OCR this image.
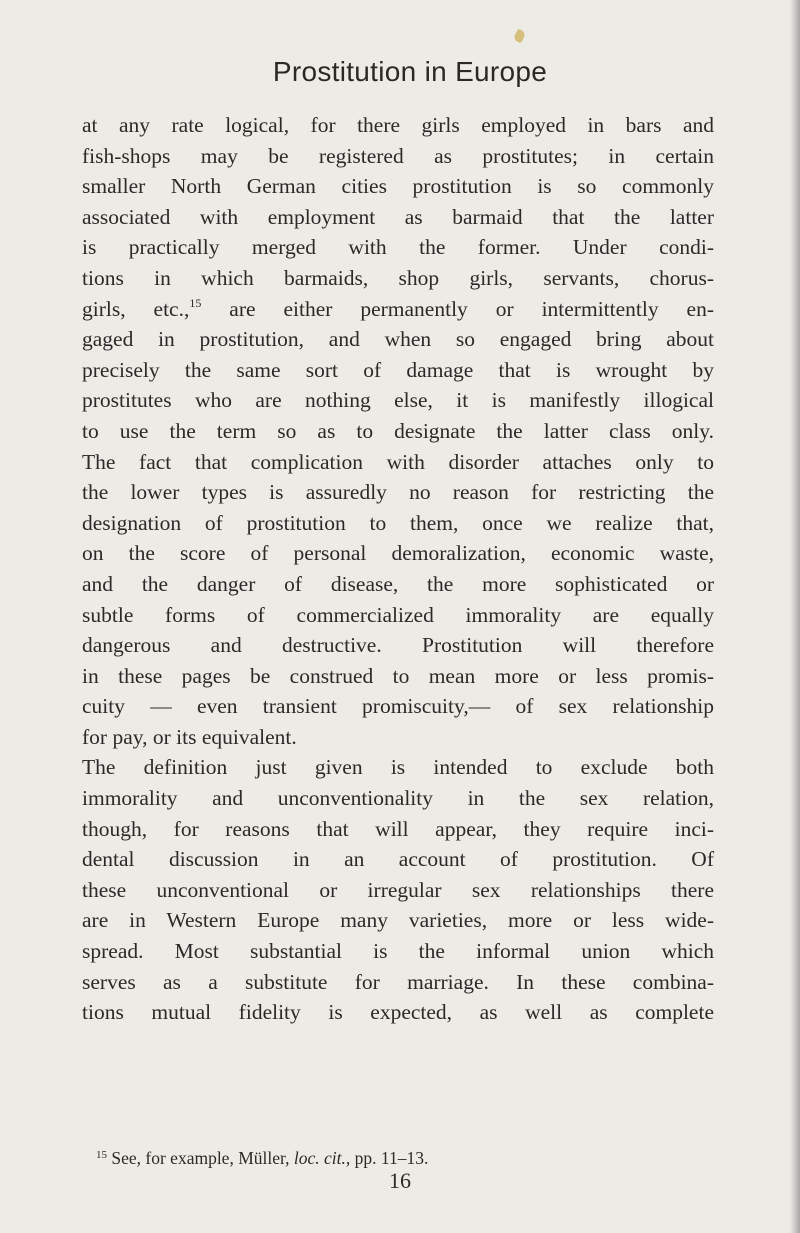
Prostitution in Europe
at any rate logical, for there girls employed in bars and
fish-shops may be registered as prostitutes; in certain
smaller North German cities prostitution is so commonly
associated with employment as barmaid that the latter
is practically merged with the former. Under condi-
tions in which barmaids, shop girls, servants, chorus-
girls, etc.,$^{15}$ are either permanently or intermittently en-
gaged in prostitution, and when so engaged bring about
precisely the same sort of damage that is wrought by
prostitutes who are nothing else, it is manifestly illogical
to use the term so as to designate the latter class only.
The fact that complication with disorder attaches only to
the lower types is assuredly no reason for restricting the
designation of prostitution to them, once we realize that,
on the score of personal demoralization, economic waste,
and the danger of disease, the more sophisticated or
subtle forms of commercialized immorality are equally
dangerous and destructive. Prostitution will therefore
in these pages be construed to mean more or less promis-
cuity — even transient promiscuity,— of sex relationship
for pay, or its equivalent.
The definition just given is intended to exclude both
immorality and unconventionality in the sex relation,
though, for reasons that will appear, they require inci-
dental discussion in an account of prostitution. Of
these unconventional or irregular sex relationships there
are in Western Europe many varieties, more or less wide-
spread. Most substantial is the informal union which
serves as a substitute for marriage. In these combina-
tions mutual fidelity is expected, as well as complete
$^{15}$ See, for example, Müller, loc. cit., pp. 11–13.
16
